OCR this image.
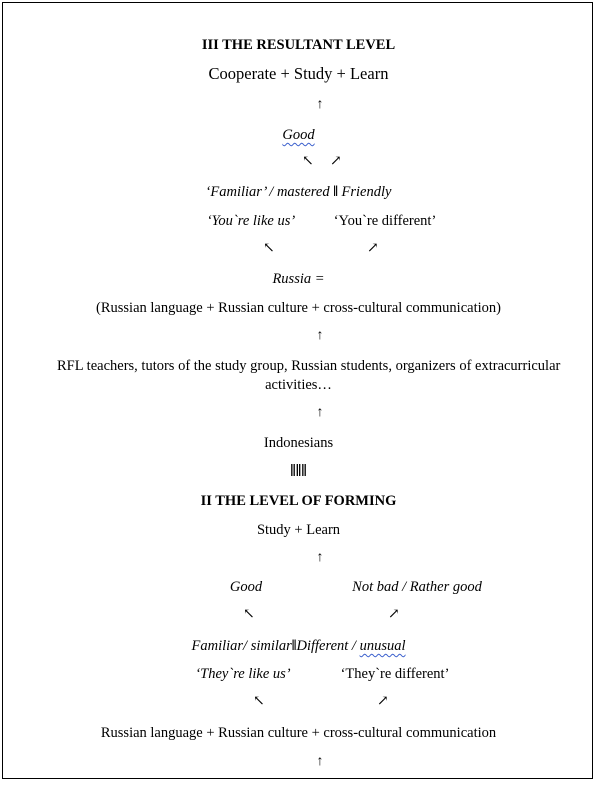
III THE RESULTANT LEVEL
Cooperate + Study + Learn
↑
Good
↖ ↗
‘Familiar’ / mastered ‖ Friendly
‘You`re like us’	‘You`re different’
↖	↗
Russia =
(Russian language + Russian culture + cross-cultural communication)
↑
RFL teachers, tutors of the study group, Russian students, organizers of extracurricular
activities…
↑
Indonesians
‖‖‖
II THE LEVEL OF FORMING
Study + Learn
↑
Good	Not bad / Rather good
↖	↗
Familiar/ similar‖Different / unusual
‘They`re like us’	‘They`re different’
↖	↗
Russian language + Russian culture + cross-cultural communication
↑
